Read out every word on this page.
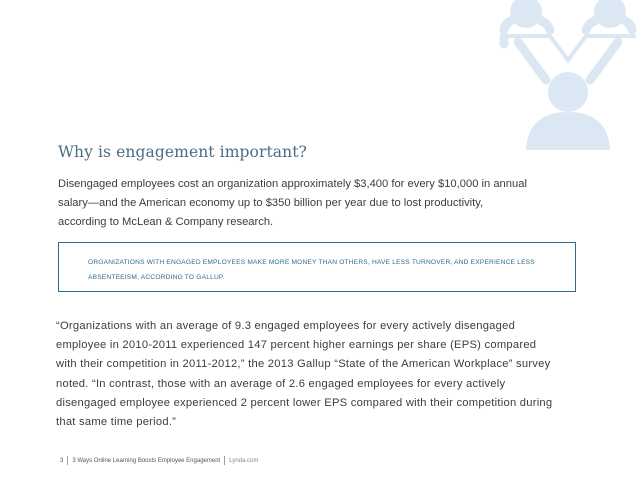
Why is engagement important?
Disengaged employees cost an organization approximately $3,400 for every $10,000 in annual salary—and the American economy up to $350 billion per year due to lost productivity, according to McLean & Company research.
ORGANIZATIONS WITH ENGAGED EMPLOYEES MAKE MORE MONEY THAN OTHERS, HAVE LESS TURNOVER, AND EXPERIENCE LESS ABSENTEEISM, ACCORDING TO GALLUP.
“Organizations with an average of 9.3 engaged employees for every actively disengaged employee in 2010-2011 experienced 147 percent higher earnings per share (EPS) compared with their competition in 2011-2012,” the 2013 Gallup “State of the American Workplace” survey noted. “In contrast, those with an average of 2.6 engaged employees for every actively disengaged employee experienced 2 percent lower EPS compared with their competition during that same time period.”
3 3 Ways Online Learning Boosts Employee Engagement Lynda.com
